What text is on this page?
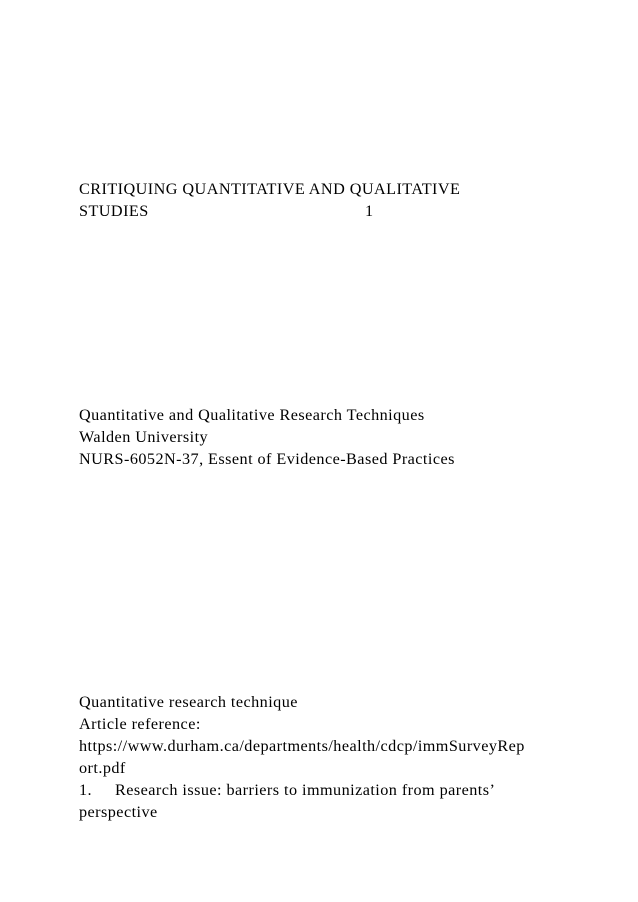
CRITIQUING QUANTITATIVE AND QUALITATIVE
STUDIES	1
Quantitative and Qualitative Research Techniques
Walden University
NURS-6052N-37, Essent of Evidence-Based Practices
Quantitative research technique
Article reference:
https://www.durham.ca/departments/health/cdcp/immSurveyRep
ort.pdf
1. Research issue: barriers to immunization from parents’
perspective
